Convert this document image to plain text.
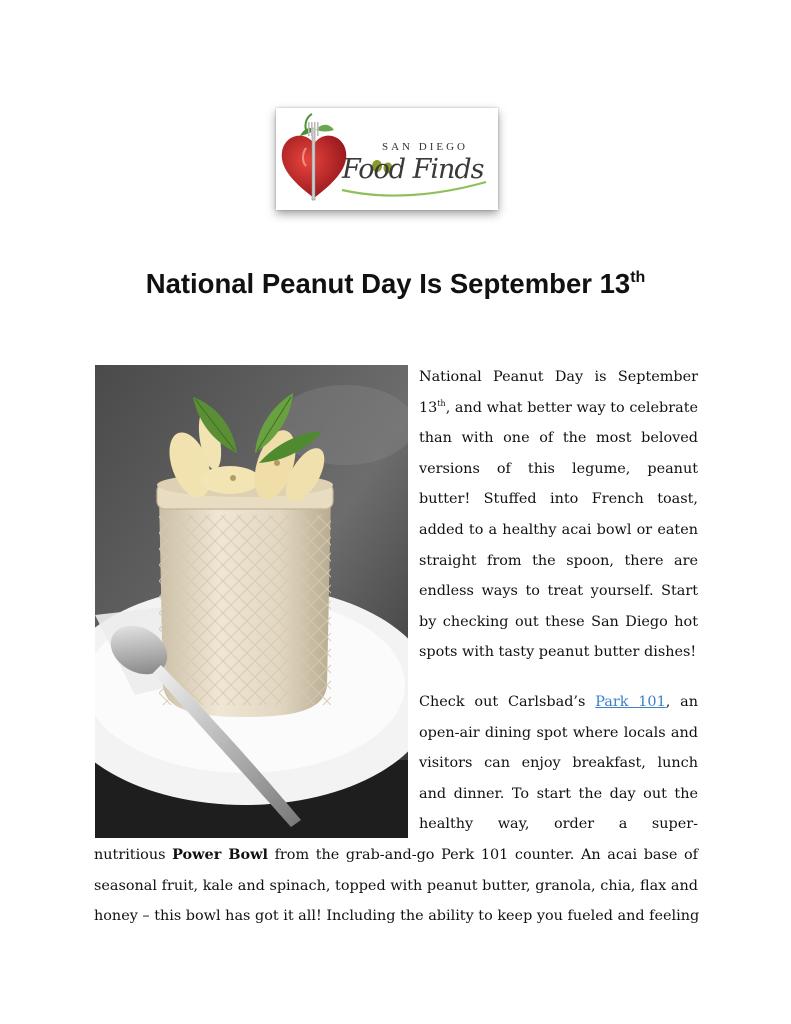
SAN DIEGO
Food Finds
National Peanut Day Is September 13th
National Peanut Day is September
13th, and what better way to celebrate
than with one of the most beloved
versions of this legume, peanut
butter! Stuffed into French toast,
added to a healthy acai bowl or eaten
straight from the spoon, there are
endless ways to treat yourself. Start
by checking out these San Diego hot
spots with tasty peanut butter dishes!
Check out Carlsbad’s Park 101, an
open-air dining spot where locals and
visitors can enjoy breakfast, lunch
and dinner. To start the day out the
healthy way, order a super-
nutritious Power Bowl from the grab-and-go Perk 101 counter. An acai base of
seasonal fruit, kale and spinach, topped with peanut butter, granola, chia, flax and
honey – this bowl has got it all! Including the ability to keep you fueled and feeling
